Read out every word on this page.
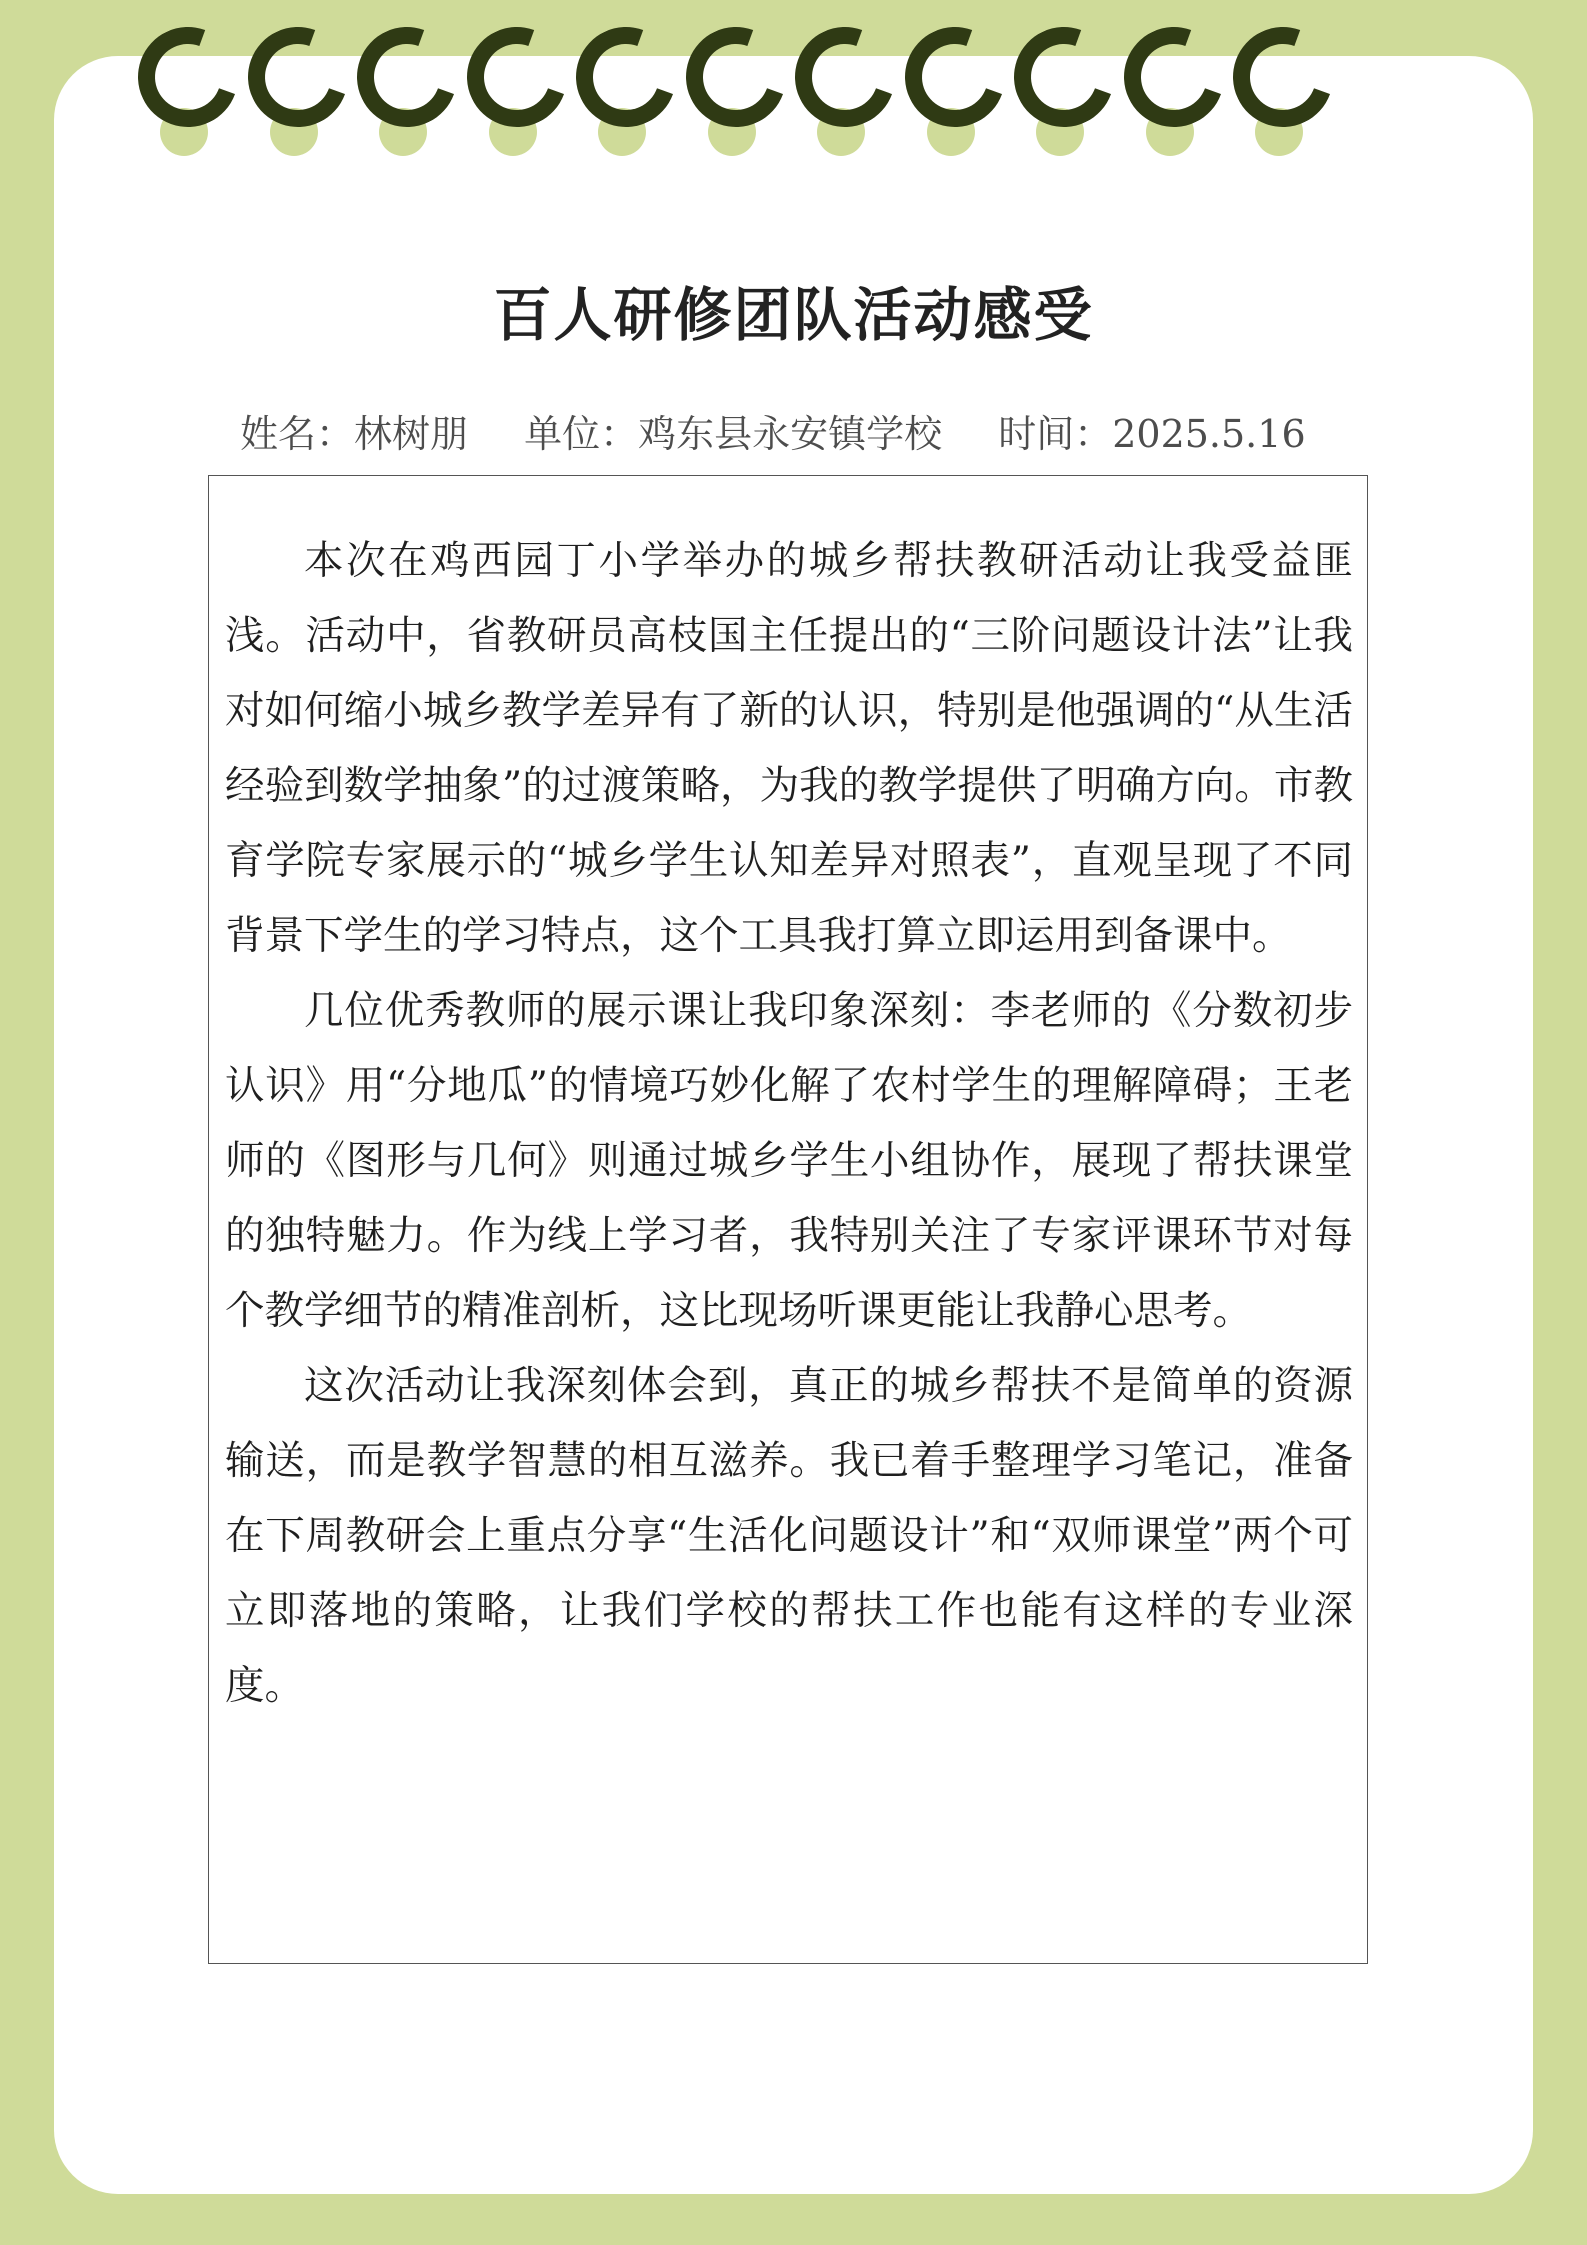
百人研修团队活动感受
姓名：林树朋 单位：鸡东县永安镇学校 时间：2025.5.16

本次在鸡西园丁小学举办的城乡帮扶教研活动让我受益匪浅。活动中，省教研员高枝国主任提出的“三阶问题设计法”让我对如何缩小城乡教学差异有了新的认识，特别是他强调的“从生活经验到数学抽象”的过渡策略，为我的教学提供了明确方向。市教育学院专家展示的“城乡学生认知差异对照表”，直观呈现了不同背景下学生的学习特点，这个工具我打算立即运用到备课中。

几位优秀教师的展示课让我印象深刻：李老师的《分数初步认识》用“分地瓜”的情境巧妙化解了农村学生的理解障碍；王老师的《图形与几何》则通过城乡学生小组协作，展现了帮扶课堂的独特魅力。作为线上学习者，我特别关注了专家评课环节对每个教学细节的精准剖析，这比现场听课更能让我静心思考。

这次活动让我深刻体会到，真正的城乡帮扶不是简单的资源输送，而是教学智慧的相互滋养。我已着手整理学习笔记，准备在下周教研会上重点分享“生活化问题设计”和“双师课堂”两个可立即落地的策略，让我们学校的帮扶工作也能有这样的专业深度。
